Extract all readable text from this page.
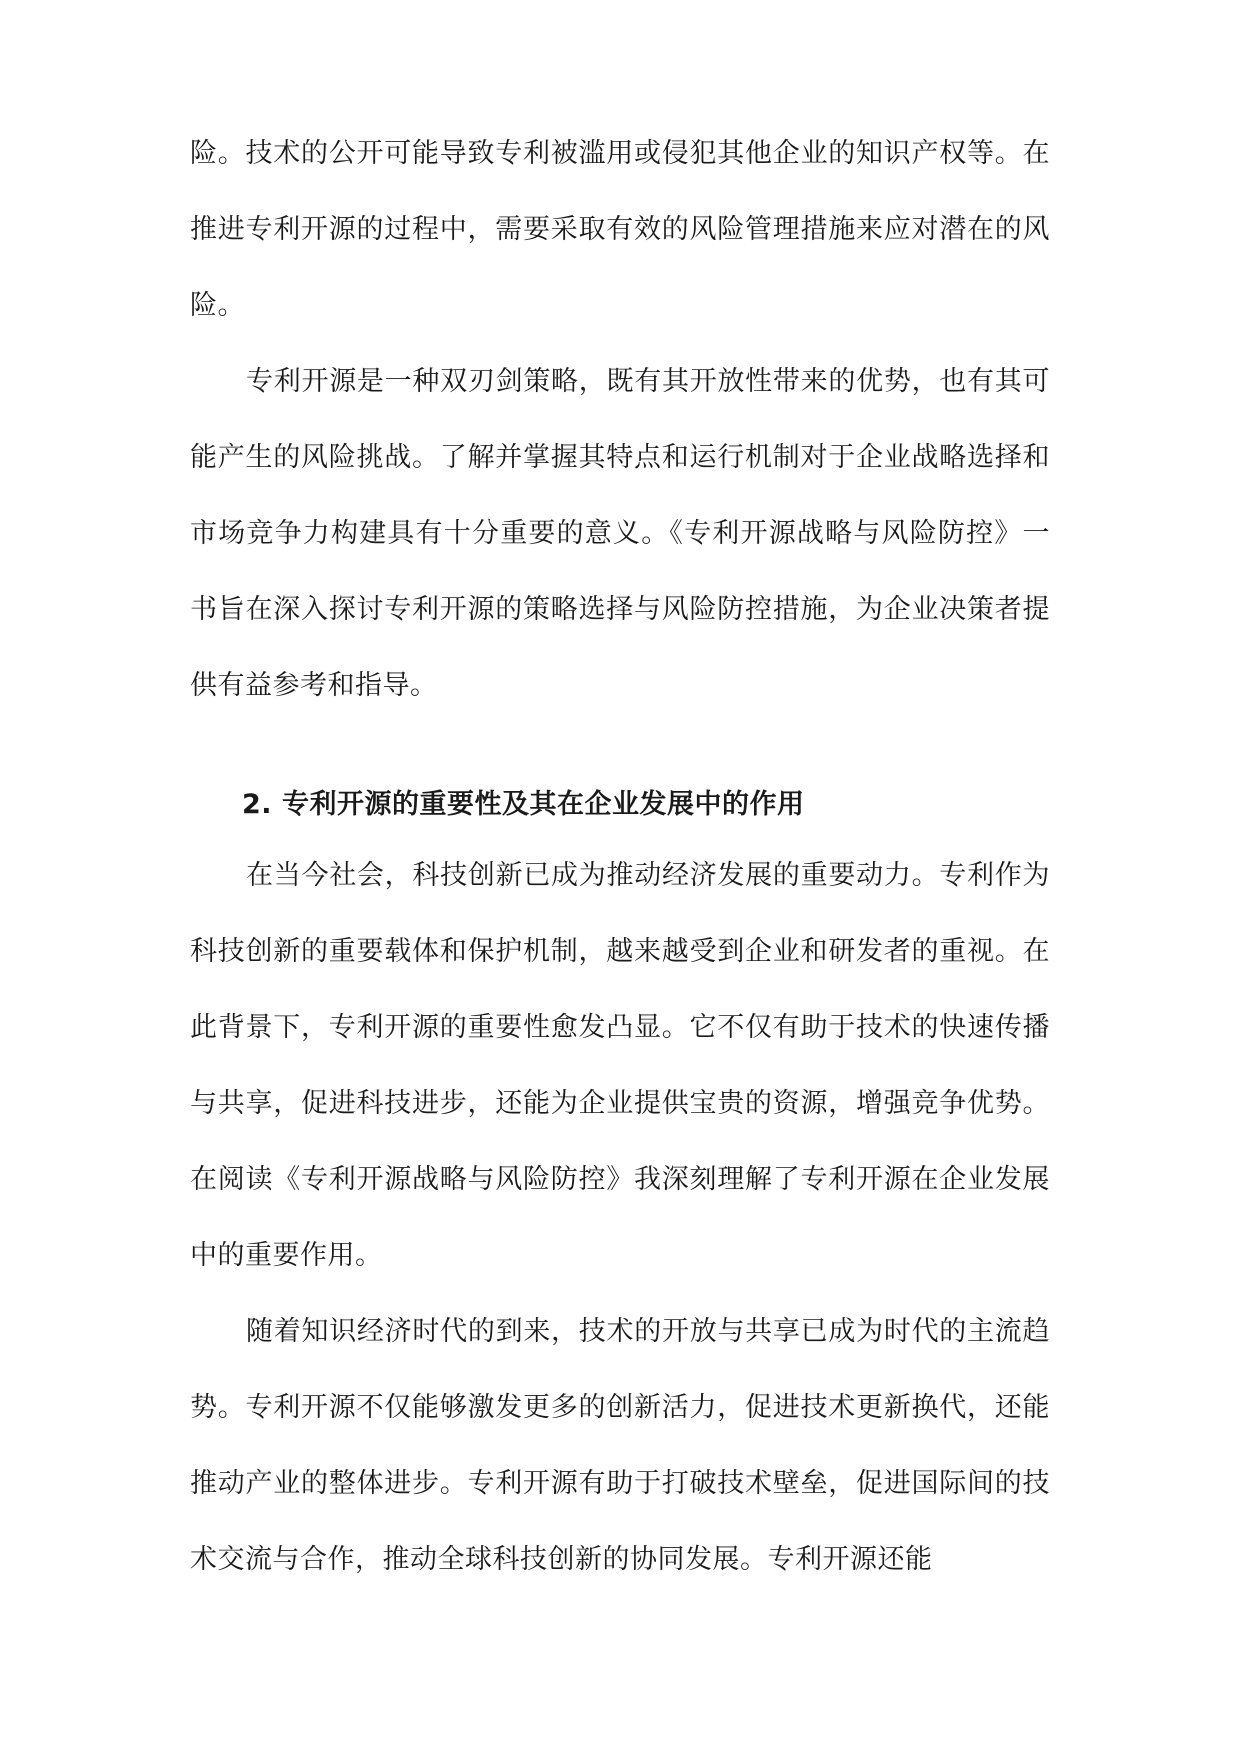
险。技术的公开可能导致专利被滥用或侵犯其他企业的知识产权等。在推进专利开源的过程中，需要采取有效的风险管理措施来应对潜在的风险。

专利开源是一种双刃剑策略，既有其开放性带来的优势，也有其可能产生的风险挑战。了解并掌握其特点和运行机制对于企业战略选择和市场竞争力构建具有十分重要的意义。《专利开源战略与风险防控》一书旨在深入探讨专利开源的策略选择与风险防控措施，为企业决策者提供有益参考和指导。

2. 专利开源的重要性及其在企业发展中的作用

在当今社会，科技创新已成为推动经济发展的重要动力。专利作为科技创新的重要载体和保护机制，越来越受到企业和研发者的重视。在此背景下，专利开源的重要性愈发凸显。它不仅有助于技术的快速传播与共享，促进科技进步，还能为企业提供宝贵的资源，增强竞争优势。在阅读《专利开源战略与风险防控》我深刻理解了专利开源在企业发展中的重要作用。

随着知识经济时代的到来，技术的开放与共享已成为时代的主流趋势。专利开源不仅能够激发更多的创新活力，促进技术更新换代，还能推动产业的整体进步。专利开源有助于打破技术壁垒，促进国际间的技术交流与合作，推动全球科技创新的协同发展。专利开源还能
